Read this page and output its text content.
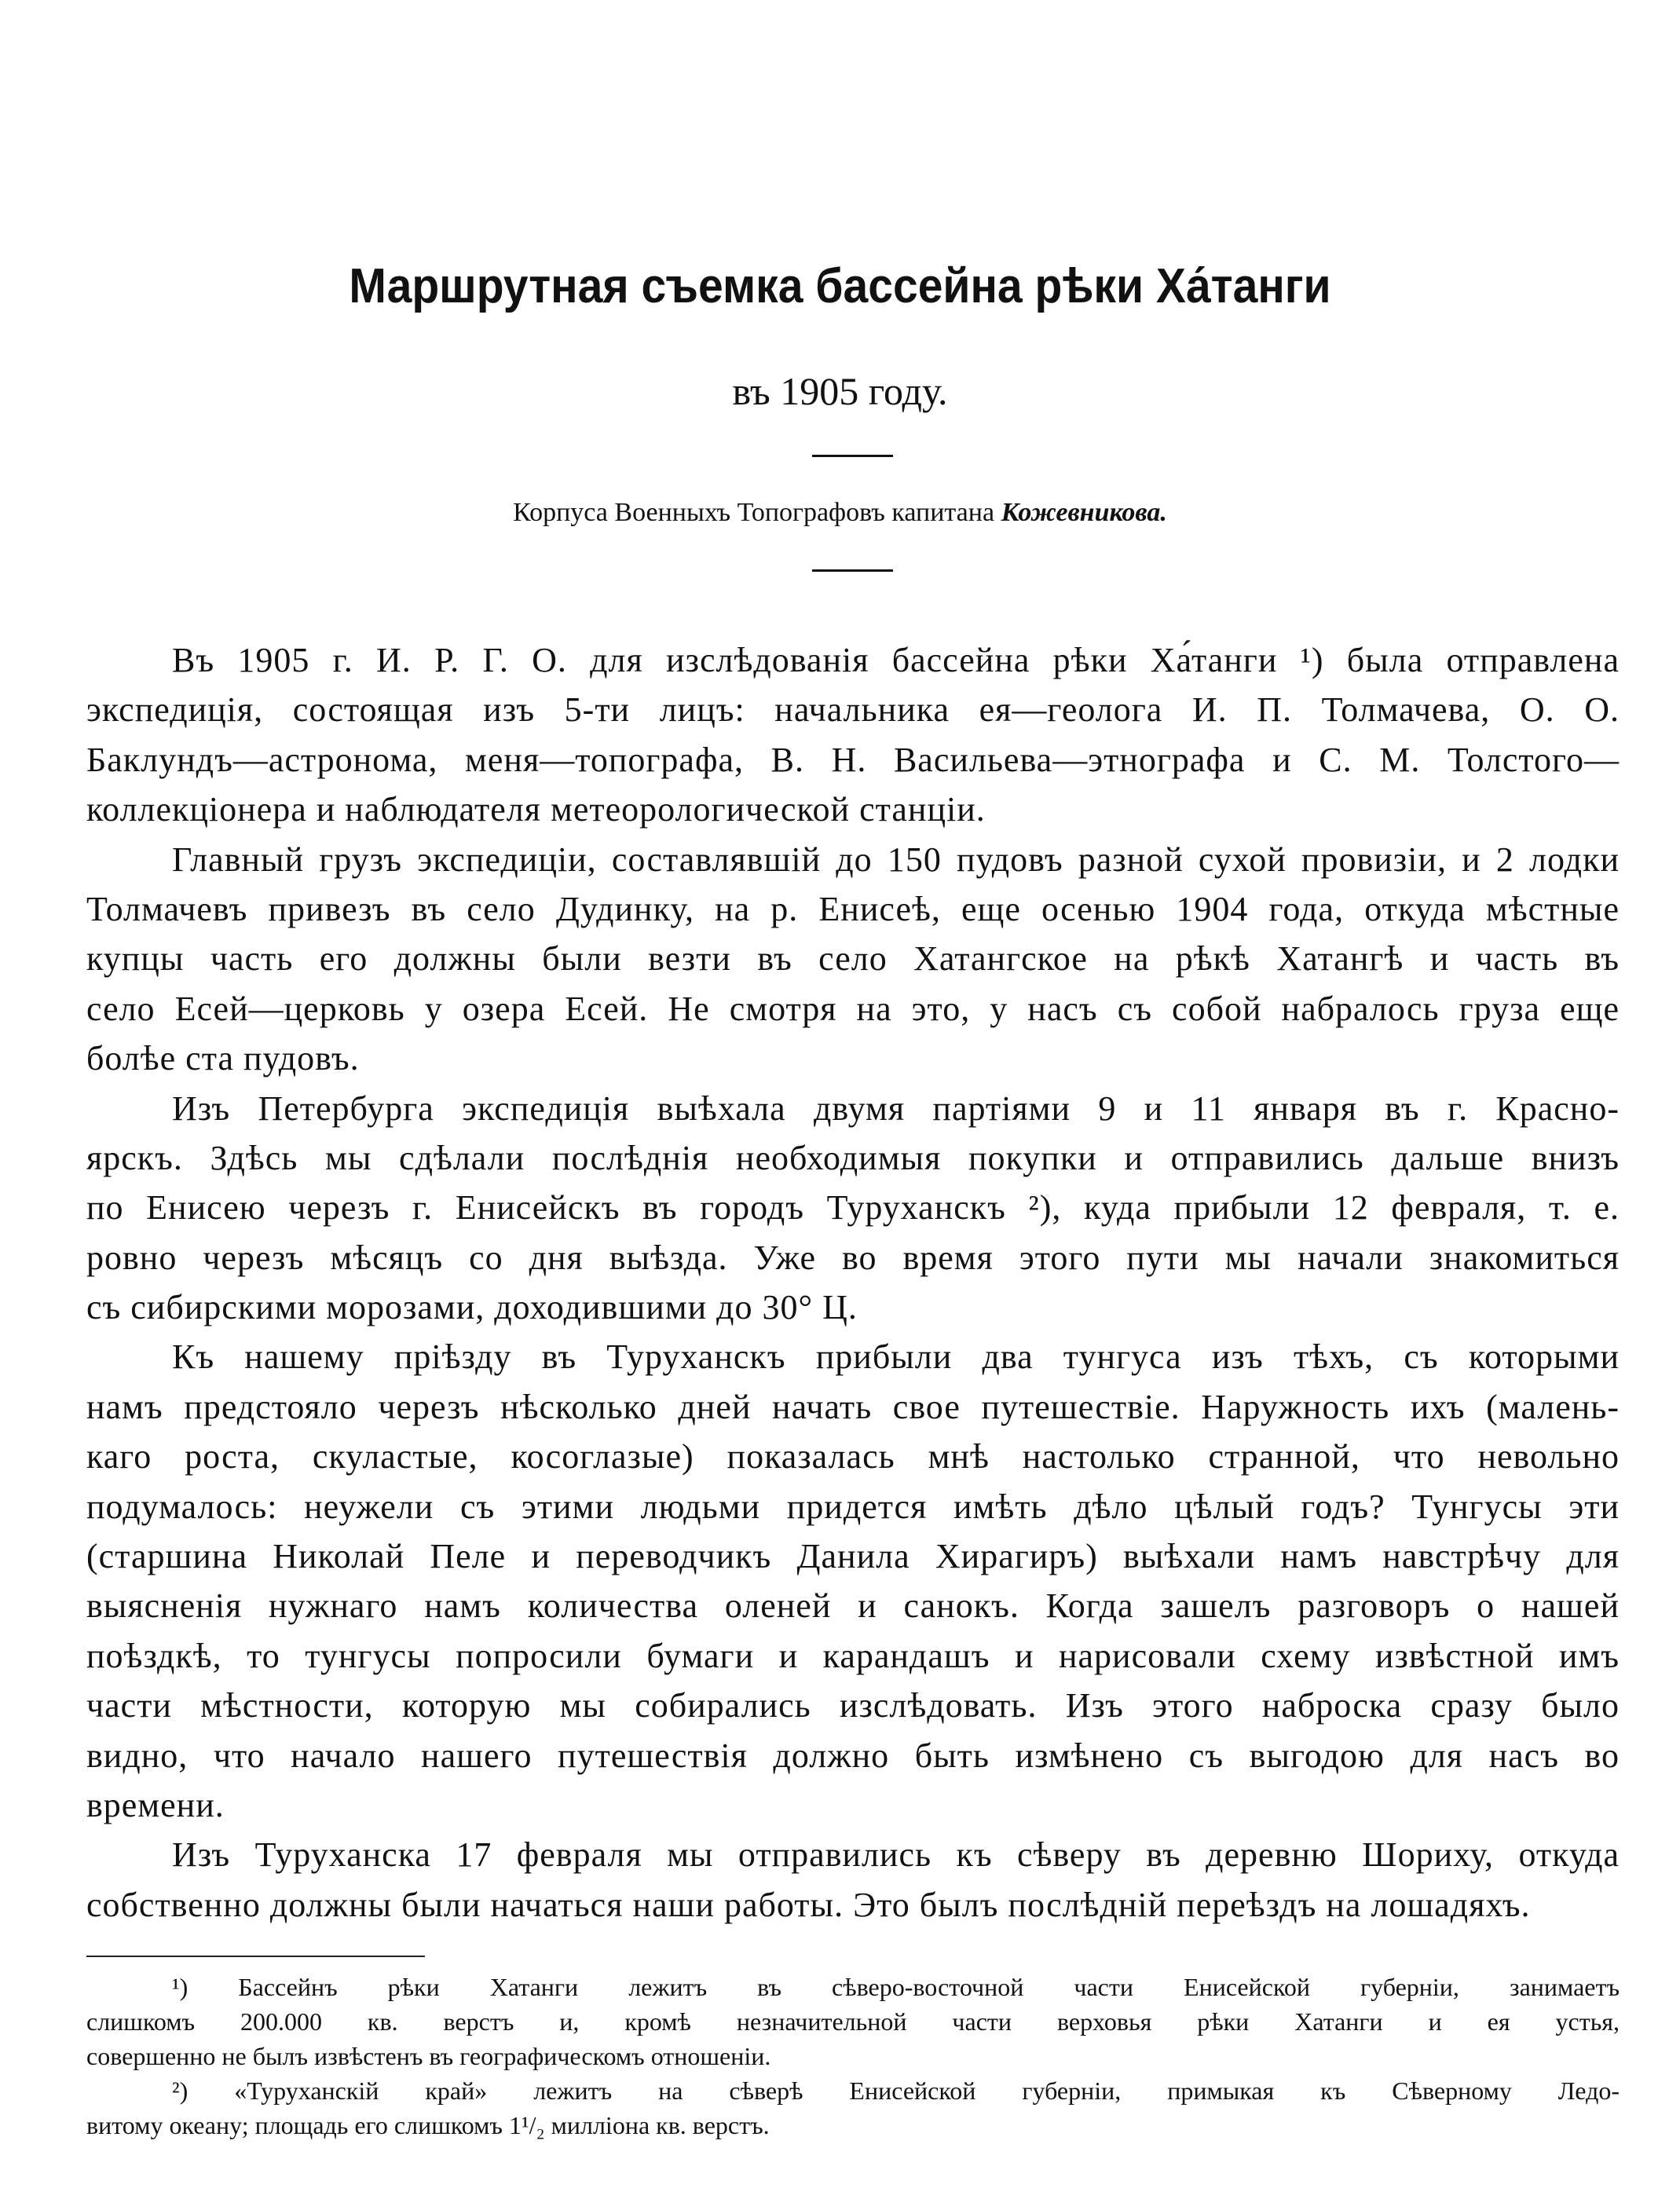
Маршрутная съемка бассейна рѣки Ха́танги
въ 1905 году.
Корпуса Военныхъ Топографовъ капитана Кожевникова.
Въ 1905 г. И. Р. Г. О. для изслѣдованія бассейна рѣки Ха́танги ¹) была отправлена
экспедиція, состоящая изъ 5-ти лицъ: начальника ея—геолога И. П. Толмачева, О. О.
Баклундъ—астронома, меня—топографа, В. Н. Васильева—этнографа и С. М. Толстого—
коллекціонера и наблюдателя метеорологической станціи.
Главный грузъ экспедиціи, составлявшій до 150 пудовъ разной сухой провизіи, и 2 лодки
Толмачевъ привезъ въ село Дудинку, на р. Енисеѣ, еще осенью 1904 года, откуда мѣстные
купцы часть его должны были везти въ село Хатангское на рѣкѣ Хатангѣ и часть въ
село Есей—церковь у озера Есей. Не смотря на это, у насъ съ собой набралось груза еще
болѣе ста пудовъ.
Изъ Петербурга экспедиція выѣхала двумя партіями 9 и 11 января въ г. Красно-
ярскъ. Здѣсь мы сдѣлали послѣднія необходимыя покупки и отправились дальше внизъ
по Енисею черезъ г. Енисейскъ въ городъ Туруханскъ ²), куда прибыли 12 февраля, т. е.
ровно черезъ мѣсяцъ со дня выѣзда. Уже во время этого пути мы начали знакомиться
съ сибирскими морозами, доходившими до 30° Ц.
Къ нашему пріѣзду въ Туруханскъ прибыли два тунгуса изъ тѣхъ, съ которыми
намъ предстояло черезъ нѣсколько дней начать свое путешествіе. Наружность ихъ (малень-
каго роста, скуластые, косоглазые) показалась мнѣ настолько странной, что невольно
подумалось: неужели съ этими людьми придется имѣть дѣло цѣлый годъ? Тунгусы эти
(старшина Николай Пеле и переводчикъ Данила Хирагиръ) выѣхали намъ навстрѣчу для
выясненія нужнаго намъ количества оленей и санокъ. Когда зашелъ разговоръ о нашей
поѣздкѣ, то тунгусы попросили бумаги и карандашъ и нарисовали схему извѣстной имъ
части мѣстности, которую мы собирались изслѣдовать. Изъ этого наброска сразу было
видно, что начало нашего путешествія должно быть измѣнено съ выгодою для насъ во
времени.
Изъ Туруханска 17 февраля мы отправились къ сѣверу въ деревню Шориху, откуда
собственно должны были начаться наши работы. Это былъ послѣдній переѣздъ на лошадяхъ.
¹) Бассейнъ рѣки Хатанги лежитъ въ сѣверо-восточной части Енисейской губерніи, занимаетъ
слишкомъ 200.000 кв. верстъ и, кромѣ незначительной части верховья рѣки Хатанги и ея устья,
совершенно не былъ извѣстенъ въ географическомъ отношеніи.
²) «Туруханскій край» лежитъ на сѣверѣ Енисейской губерніи, примыкая къ Сѣверному Ледо-
витому океану; площадь его слишкомъ 1¹/₂ милліона кв. верстъ.
